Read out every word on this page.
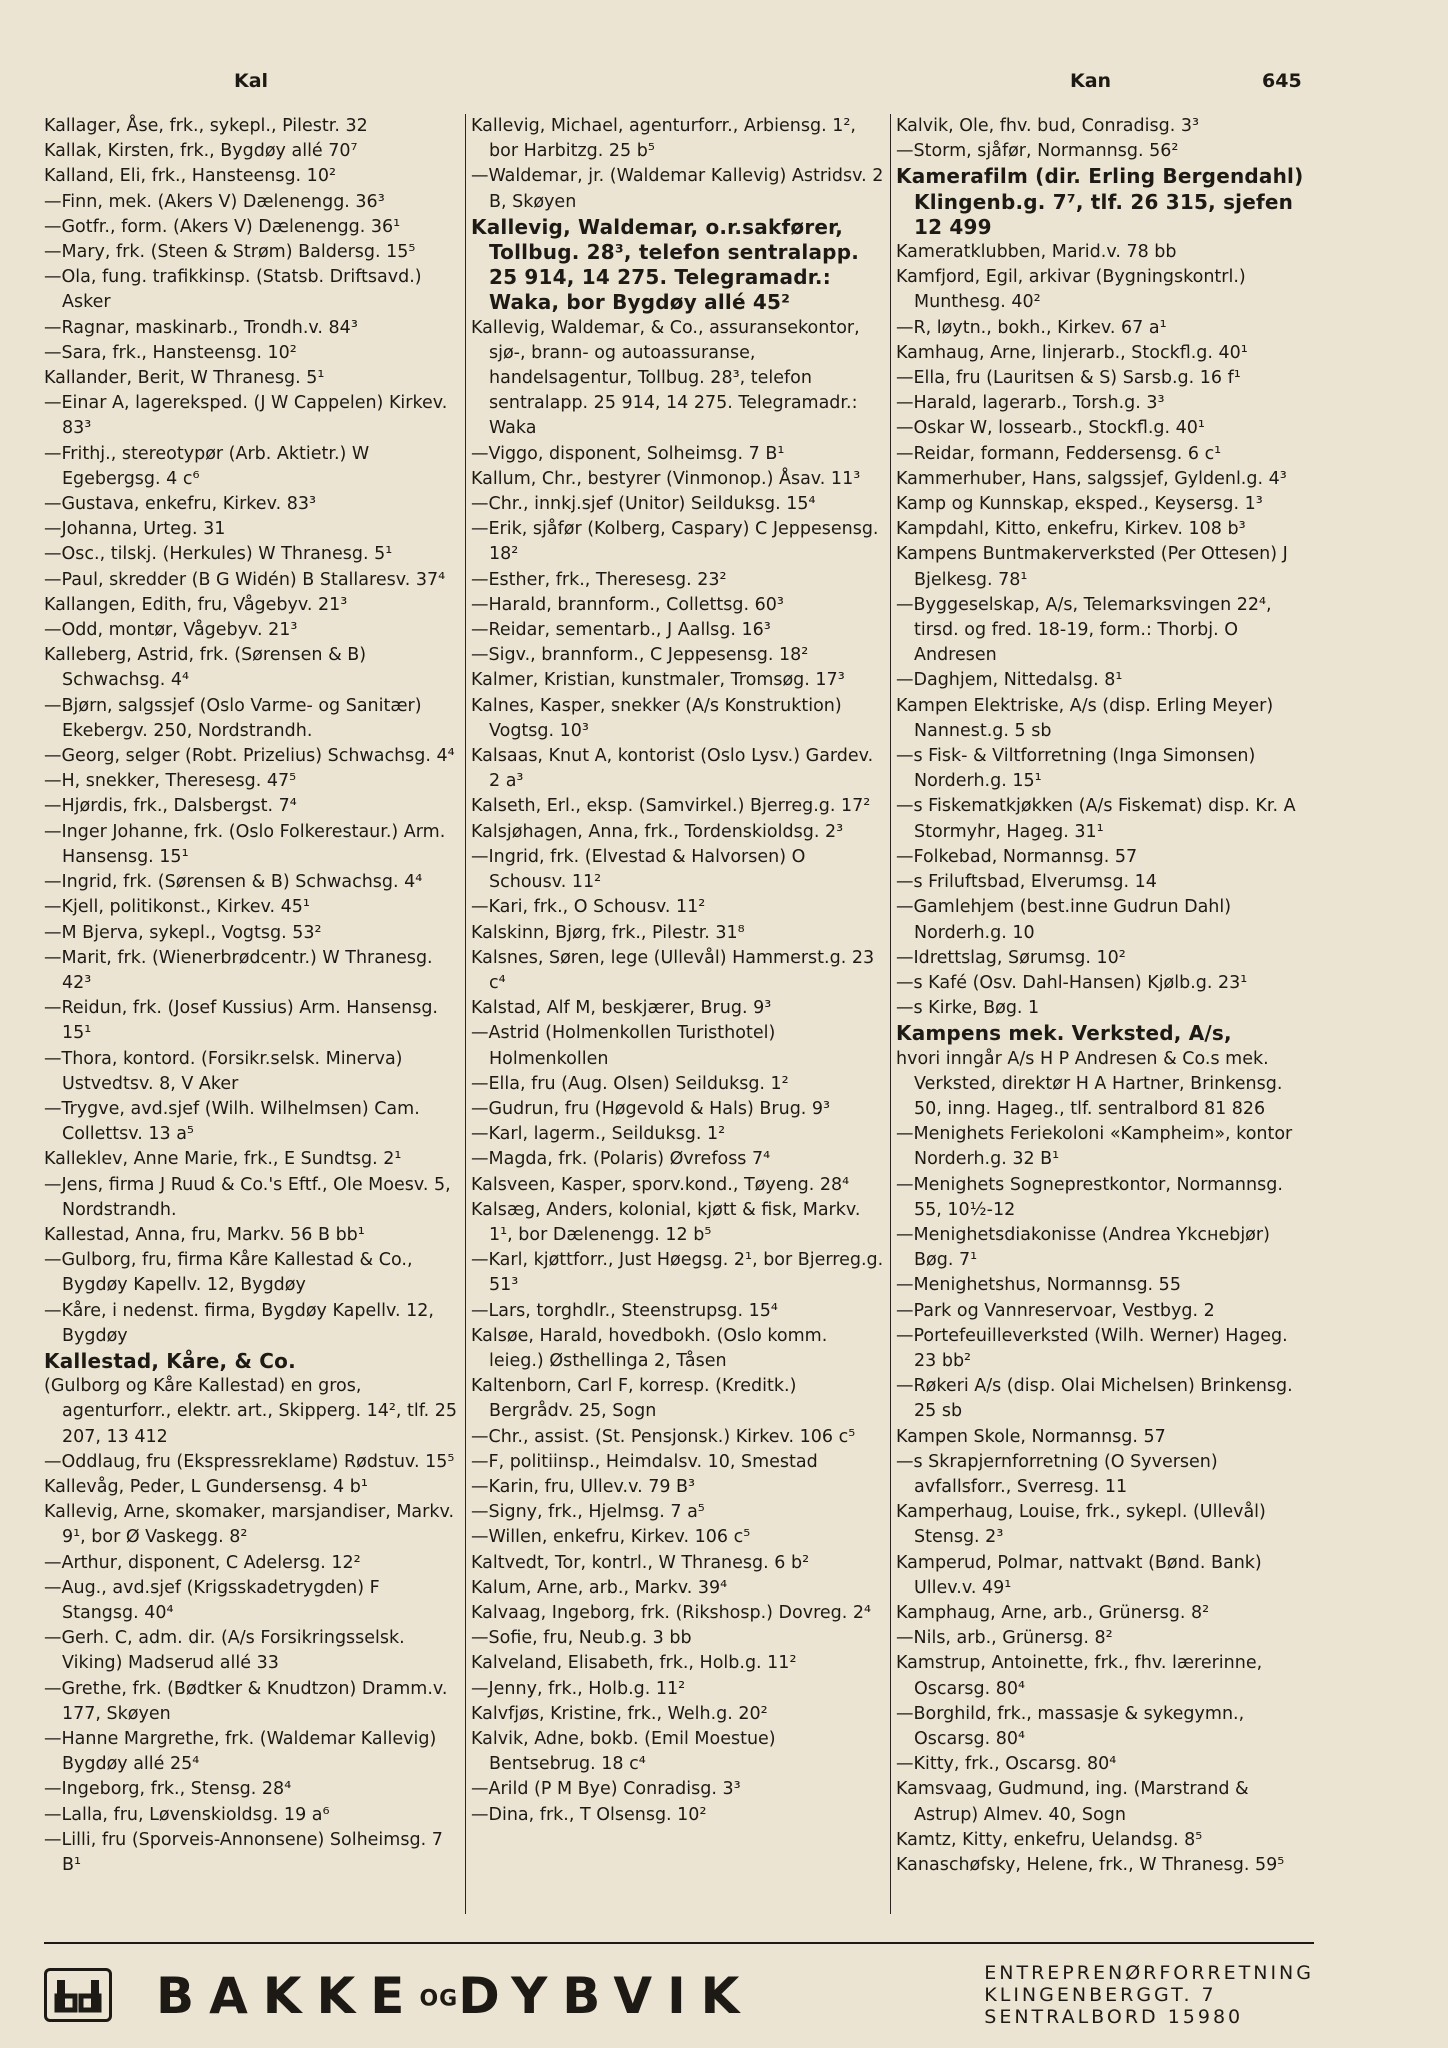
Kal	Kan	645
Kallager, Åse, frk., sykepl., Pilestr. 32
Kallak, Kirsten, frk., Bygdøy allé 70⁷
Kalland, Eli, frk., Hansteensg. 10²
—Finn, mek. (Akers V) Dælenengg. 36³
—Gotfr., form. (Akers V) Dælenengg. 36¹
—Mary, frk. (Steen & Strøm) Baldersg. 15⁵
—Ola, fung. trafikkinsp. (Statsb. Driftsavd.) Asker
—Ragnar, maskinarb., Trondh.v. 84³
—Sara, frk., Hansteensg. 10²
Kallander, Berit, W Thranesg. 5¹
—Einar A, lagereksped. (J W Cappelen) Kirkev. 83³
—Frithj., stereotypør (Arb. Aktietr.) W Egebergsg. 4 c⁶
—Gustava, enkefru, Kirkev. 83³
—Johanna, Urteg. 31
—Osc., tilskj. (Herkules) W Thranesg. 5¹
—Paul, skredder (B G Widén) B Stallaresv. 37⁴
Kallangen, Edith, fru, Vågebyv. 21³
—Odd, montør, Vågebyv. 21³
Kalleberg, Astrid, frk. (Sørensen & B) Schwachsg. 4⁴
—Bjørn, salgssjef (Oslo Varme- og Sanitær) Ekebergv. 250, Nordstrandh.
—Georg, selger (Robt. Prizelius) Schwachsg. 4⁴
—H, snekker, Theresesg. 47⁵
—Hjørdis, frk., Dalsbergst. 7⁴
—Inger Johanne, frk. (Oslo Folkerestaur.) Arm. Hansensg. 15¹
—Ingrid, frk. (Sørensen & B) Schwachsg. 4⁴
—Kjell, politikonst., Kirkev. 45¹
—M Bjerva, sykepl., Vogtsg. 53²
—Marit, frk. (Wienerbrødcentr.) W Thranesg. 42³
—Reidun, frk. (Josef Kussius) Arm. Hansensg. 15¹
—Thora, kontord. (Forsikr.selsk. Minerva) Ustvedtsv. 8, V Aker
—Trygve, avd.sjef (Wilh. Wilhelmsen) Cam. Collettsv. 13 a⁵
Kalleklev, Anne Marie, frk., E Sundtsg. 2¹
—Jens, firma J Ruud & Co.'s Eftf., Ole Moesv. 5, Nordstrandh.
Kallestad, Anna, fru, Markv. 56 B bb¹
—Gulborg, fru, firma Kåre Kallestad & Co., Bygdøy Kapellv. 12, Bygdøy
—Kåre, i nedenst. firma, Bygdøy Kapellv. 12, Bygdøy
Kallestad, Kåre, & Co.
(Gulborg og Kåre Kallestad) en gros, agenturforr., elektr. art., Skipperg. 14², tlf. 25 207, 13 412
—Oddlaug, fru (Ekspressreklame) Rødstuv. 15⁵
Kallevåg, Peder, L Gundersensg. 4 b¹
Kallevig, Arne, skomaker, marsjandiser, Markv. 9¹, bor Ø Vaskegg. 8²
—Arthur, disponent, C Adelersg. 12²
—Aug., avd.sjef (Krigsskadetrygden) F Stangsg. 40⁴
—Gerh. C, adm. dir. (A/s Forsikringsselsk. Viking) Madserud allé 33
—Grethe, frk. (Bødtker & Knudtzon) Dramm.v. 177, Skøyen
—Hanne Margrethe, frk. (Waldemar Kallevig) Bygdøy allé 25⁴
—Ingeborg, frk., Stensg. 28⁴
—Lalla, fru, Løvenskioldsg. 19 a⁶
—Lilli, fru (Sporveis-Annonsene) Solheimsg. 7 B¹
Kallevig, Michael, agenturforr., Arbiensg. 1², bor Harbitzg. 25 b⁵
—Waldemar, jr. (Waldemar Kallevig) Astridsv. 2 B, Skøyen
Kallevig, Waldemar, o.r.sakfører, Tollbug. 28³, telefon sentralapp. 25 914, 14 275. Telegramadr.: Waka, bor Bygdøy allé 45²
Kallevig, Waldemar, & Co., assuransekontor, sjø-, brann- og autoassuranse, handelsagentur, Tollbug. 28³, telefon sentralapp. 25 914, 14 275. Telegramadr.: Waka
—Viggo, disponent, Solheimsg. 7 B¹
Kallum, Chr., bestyrer (Vinmonop.) Åsav. 11³
—Chr., innkj.sjef (Unitor) Seilduksg. 15⁴
—Erik, sjåfør (Kolberg, Caspary) C Jeppesensg. 18²
—Esther, frk., Theresesg. 23²
—Harald, brannform., Collettsg. 60³
—Reidar, sementarb., J Aallsg. 16³
—Sigv., brannform., C Jeppesensg. 18²
Kalmer, Kristian, kunstmaler, Tromsøg. 17³
Kalnes, Kasper, snekker (A/s Konstruktion) Vogtsg. 10³
Kalsaas, Knut A, kontorist (Oslo Lysv.) Gardev. 2 a³
Kalseth, Erl., eksp. (Samvirkel.) Bjerreg.g. 17²
Kalsjøhagen, Anna, frk., Tordenskioldsg. 2³
—Ingrid, frk. (Elvestad & Halvorsen) O Schousv. 11²
—Kari, frk., O Schousv. 11²
Kalskinn, Bjørg, frk., Pilestr. 31⁸
Kalsnes, Søren, lege (Ullevål) Hammerst.g. 23 c⁴
Kalstad, Alf M, beskjærer, Brug. 9³
—Astrid (Holmenkollen Turisthotel) Holmenkollen
—Ella, fru (Aug. Olsen) Seilduksg. 1²
—Gudrun, fru (Høgevold & Hals) Brug. 9³
—Karl, lagerm., Seilduksg. 1²
—Magda, frk. (Polaris) Øvrefoss 7⁴
Kalsveen, Kasper, sporv.kond., Tøyeng. 28⁴
Kalsæg, Anders, kolonial, kjøtt & fisk, Markv. 1¹, bor Dælenengg. 12 b⁵
—Karl, kjøttforr., Just Høegsg. 2¹, bor Bjerreg.g. 51³
—Lars, torghdlr., Steenstrupsg. 15⁴
Kalsøe, Harald, hovedbokh. (Oslo komm. leieg.) Østhellinga 2, Tåsen
Kaltenborn, Carl F, korresp. (Kreditk.) Bergrådv. 25, Sogn
—Chr., assist. (St. Pensjonsk.) Kirkev. 106 c⁵
—F, politiinsp., Heimdalsv. 10, Smestad
—Karin, fru, Ullev.v. 79 B³
—Signy, frk., Hjelmsg. 7 a⁵
—Willen, enkefru, Kirkev. 106 c⁵
Kaltvedt, Tor, kontrl., W Thranesg. 6 b²
Kalum, Arne, arb., Markv. 39⁴
Kalvaag, Ingeborg, frk. (Rikshosp.) Dovreg. 2⁴
—Sofie, fru, Neub.g. 3 bb
Kalveland, Elisabeth, frk., Holb.g. 11²
—Jenny, frk., Holb.g. 11²
Kalvfjøs, Kristine, frk., Welh.g. 20²
Kalvik, Adne, bokb. (Emil Moestue) Bentsebrug. 18 c⁴
—Arild (P M Bye) Conradisg. 3³
—Dina, frk., T Olsensg. 10²
Kalvik, Ole, fhv. bud, Conradisg. 3³
—Storm, sjåfør, Normannsg. 56²
Kamerafilm (dir. Erling Bergendahl) Klingenb.g. 7⁷, tlf. 26 315, sjefen 12 499
Kameratklubben, Marid.v. 78 bb
Kamfjord, Egil, arkivar (Bygningskontrl.) Munthesg. 40²
—R, løytn., bokh., Kirkev. 67 a¹
Kamhaug, Arne, linjerarb., Stockfl.g. 40¹
—Ella, fru (Lauritsen & S) Sarsb.g. 16 f¹
—Harald, lagerarb., Torsh.g. 3³
—Oskar W, lossearb., Stockfl.g. 40¹
—Reidar, formann, Feddersensg. 6 c¹
Kammerhuber, Hans, salgssjef, Gyldenl.g. 4³
Kamp og Kunnskap, eksped., Keysersg. 1³
Kampdahl, Kitto, enkefru, Kirkev. 108 b³
Kampens Buntmakerverksted (Per Ottesen) J Bjelkesg. 78¹
—Byggeselskap, A/s, Telemarksvingen 22⁴, tirsd. og fred. 18-19, form.: Thorbj. O Andresen
—Daghjem, Nittedalsg. 8¹
Kampen Elektriske, A/s (disp. Erling Meyer) Nannest.g. 5 sb
—s Fisk- & Viltforretning (Inga Simonsen) Norderh.g. 15¹
—s Fiskematkjøkken (A/s Fiskemat) disp. Kr. A Stormyhr, Hageg. 31¹
—Folkebad, Normannsg. 57
—s Friluftsbad, Elverumsg. 14
—Gamlehjem (best.inne Gudrun Dahl) Norderh.g. 10
—Idrettslag, Sørumsg. 10²
—s Kafé (Osv. Dahl-Hansen) Kjølb.g. 23¹
—s Kirke, Bøg. 1
Kampens mek. Verksted, A/s,
hvori inngår A/s H P Andresen & Co.s mek. Verksted, direktør H A Hartner, Brinkensg. 50, inng. Hageg., tlf. sentralbord 81 826
—Menighets Feriekoloni «Kampheim», kontor Norderh.g. 32 B¹
—Menighets Sogneprestkontor, Normannsg. 55, 10½-12
—Menighetsdiakonisse (Andrea Ykснebjør) Bøg. 7¹
—Menighetshus, Normannsg. 55
—Park og Vannreservoar, Vestbyg. 2
—Portefeuilleverksted (Wilh. Werner) Hageg. 23 bb²
—Røkeri A/s (disp. Olai Michelsen) Brinkensg. 25 sb
Kampen Skole, Normannsg. 57
—s Skrapjernforretning (O Syversen) avfallsforr., Sverresg. 11
Kamperhaug, Louise, frk., sykepl. (Ullevål) Stensg. 2³
Kamperud, Polmar, nattvakt (Bønd. Bank) Ullev.v. 49¹
Kamphaug, Arne, arb., Grünersg. 8²
—Nils, arb., Grünersg. 8²
Kamstrup, Antoinette, frk., fhv. lærerinne, Oscarsg. 80⁴
—Borghild, frk., massasje & sykegymn., Oscarsg. 80⁴
—Kitty, frk., Oscarsg. 80⁴
Kamsvaag, Gudmund, ing. (Marstrand & Astrup) Almev. 40, Sogn
Kamtz, Kitty, enkefru, Uelandsg. 8⁵
Kanaschøfsky, Helene, frk., W Thranesg. 59⁵
BAKKEOGDYBVIK	ENTREPRENØRFORRETNING
KLINGENBERGGT. 7
SENTRALBORD 15980
